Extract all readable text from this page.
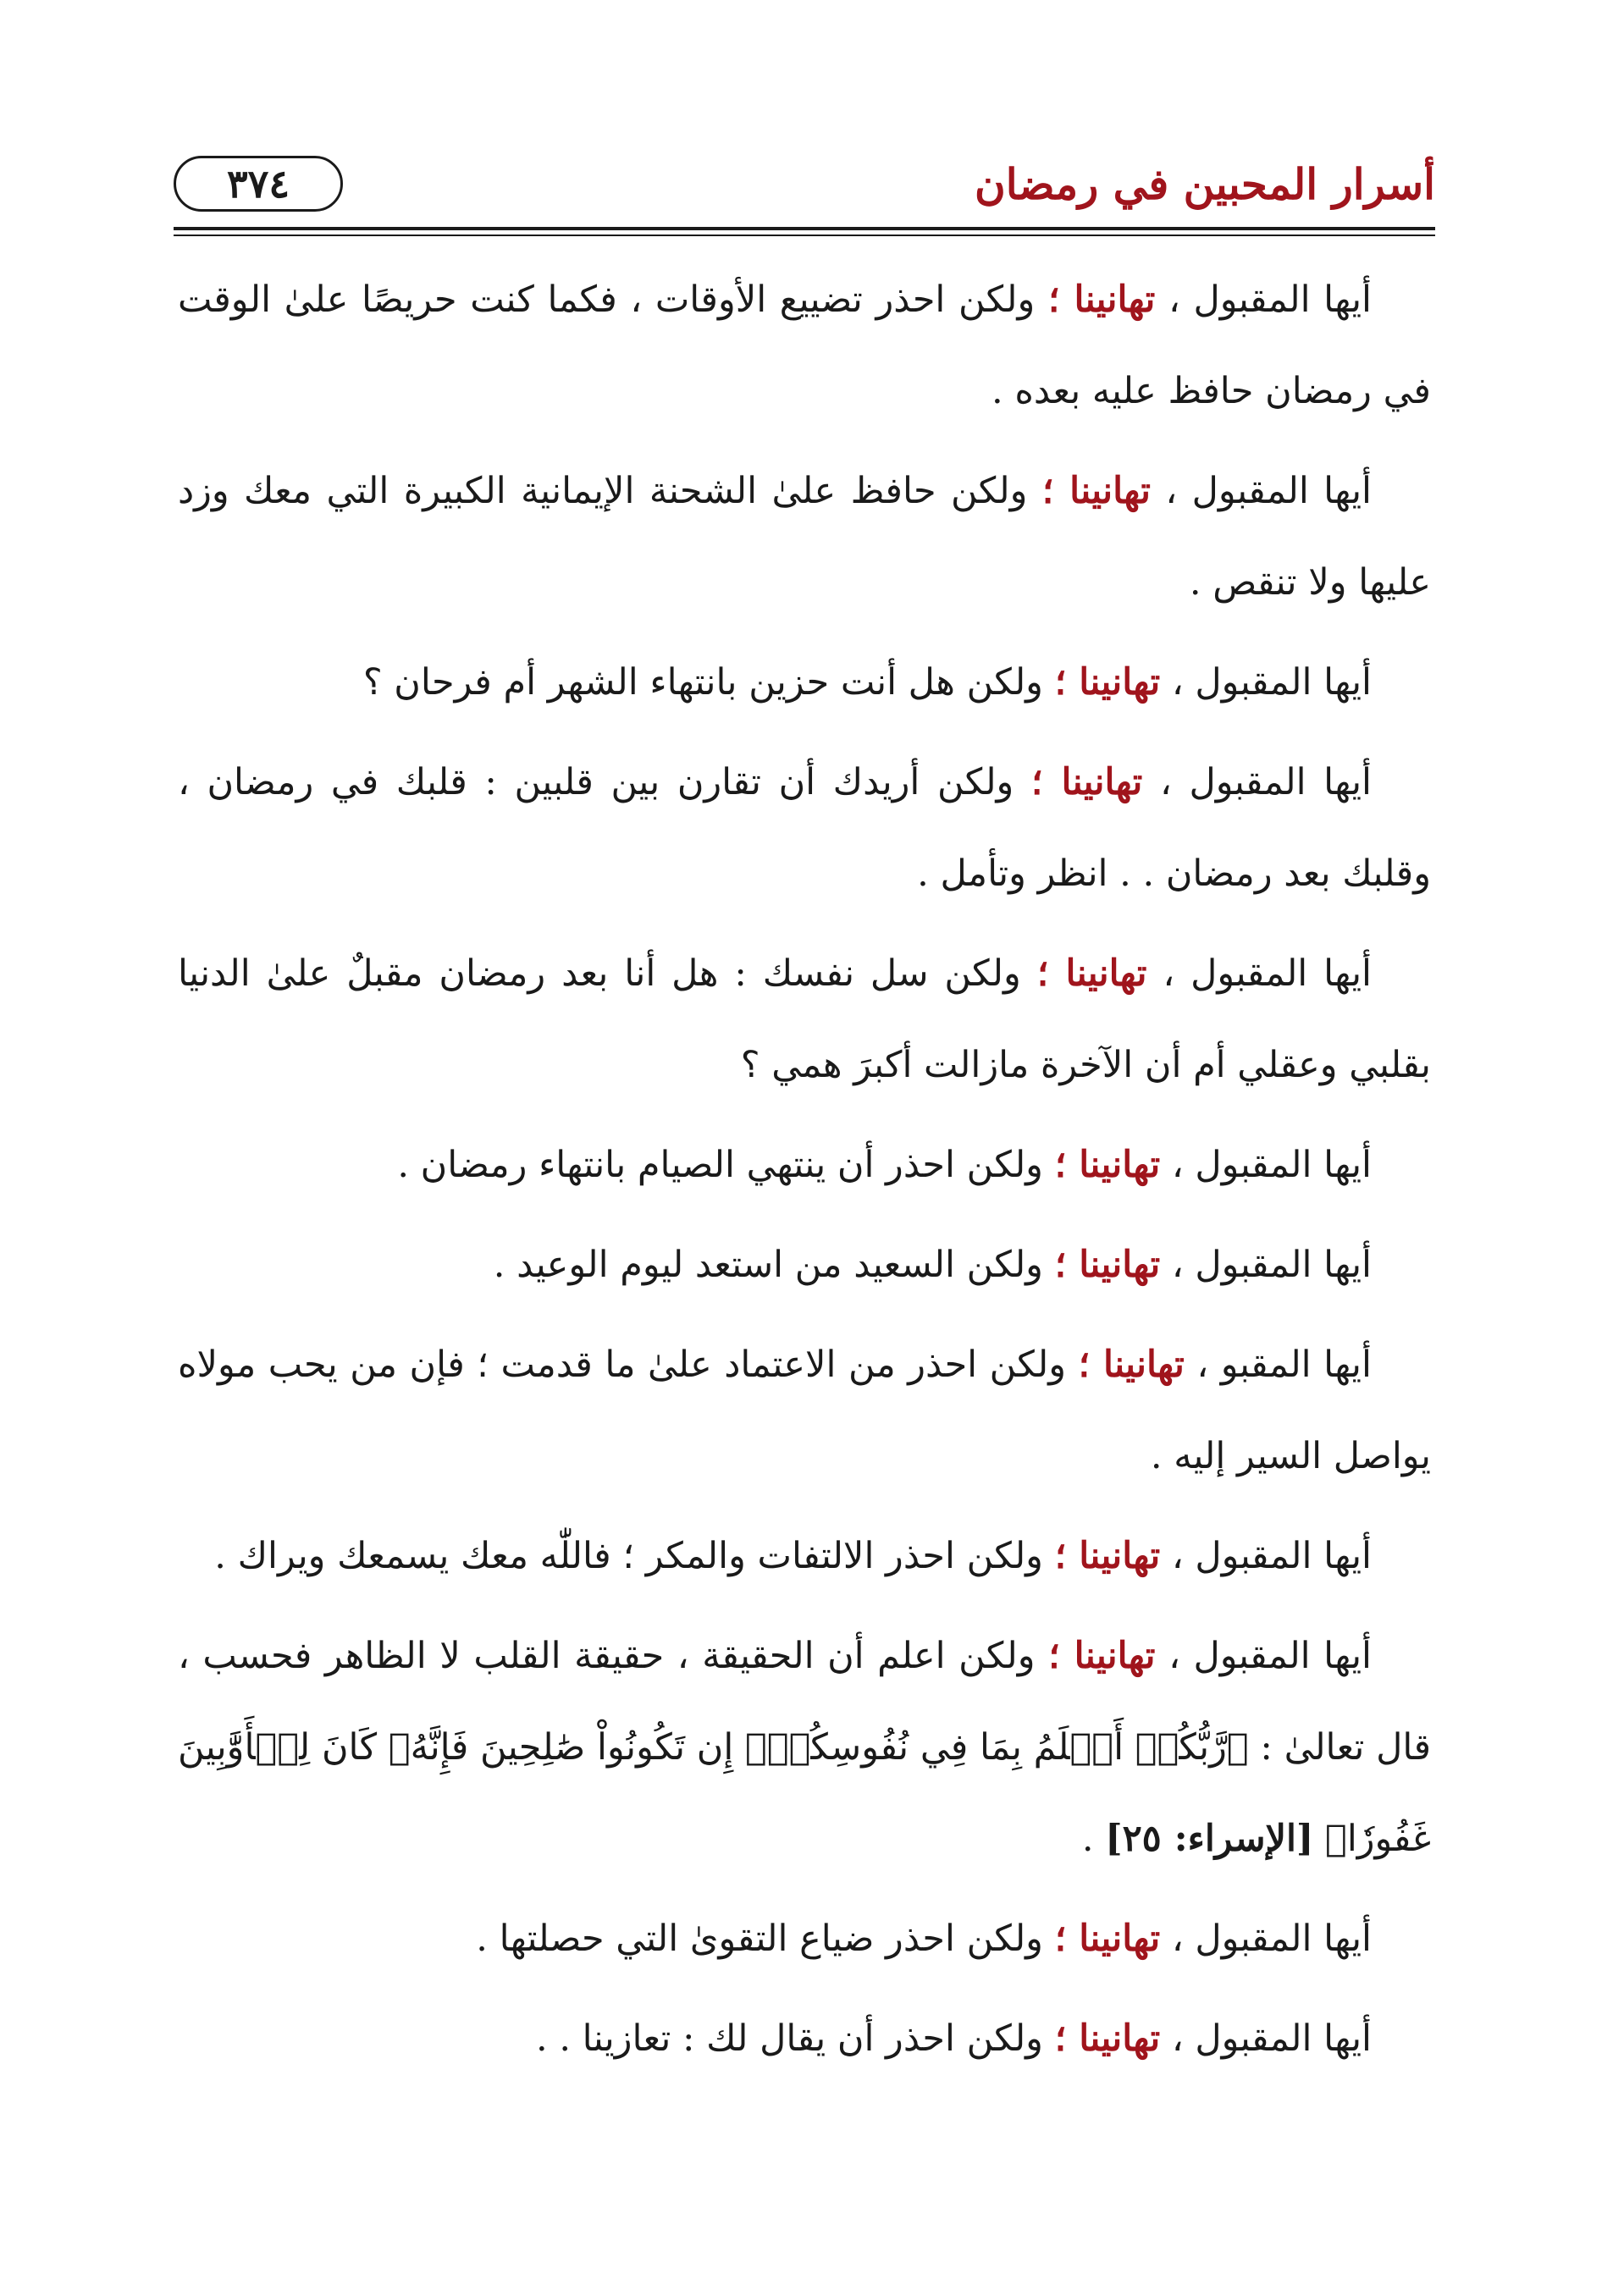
أسرار المحبين في رمضان
٣٧٤

أيها المقبول ، تهانينا ؛ ولكن احذر تضييع الأوقات ، فكما كنت حريصًا علىٰ الوقت في رمضان حافظ عليه بعده .

أيها المقبول ، تهانينا ؛ ولكن حافظ علىٰ الشحنة الإيمانية الكبيرة التي معك وزد عليها ولا تنقص .

أيها المقبول ، تهانينا ؛ ولكن هل أنت حزين بانتهاء الشهر أم فرحان ؟

أيها المقبول ، تهانينا ؛ ولكن أريدك أن تقارن بين قلبين : قلبك في رمضان ، وقلبك بعد رمضان . . انظر وتأمل .

أيها المقبول ، تهانينا ؛ ولكن سل نفسك : هل أنا بعد رمضان مقبلٌ علىٰ الدنيا بقلبي وعقلي أم أن الآخرة مازالت أكبرَ همي ؟

أيها المقبول ، تهانينا ؛ ولكن احذر أن ينتهي الصيام بانتهاء رمضان .

أيها المقبول ، تهانينا ؛ ولكن السعيد من استعد ليوم الوعيد .

أيها المقبو ، تهانينا ؛ ولكن احذر من الاعتماد علىٰ ما قدمت ؛ فإن من يحب مولاه يواصل السير إليه .

أيها المقبول ، تهانينا ؛ ولكن احذر الالتفات والمكر ؛ فاللّٰه معك يسمعك ويراك .

أيها المقبول ، تهانينا ؛ ولكن اعلم أن الحقيقة ، حقيقة القلب لا الظاهر فحسب ، قال تعالىٰ : ﴿رَّبُّكُمۡ أَعۡلَمُ بِمَا فِي نُفُوسِكُمۡۚ إِن تَكُونُواْ صَٰلِحِينَ فَإِنَّهُۥ كَانَ لِلۡأَوَّٰبِينَ غَفُورٗا﴾ [الإسراء: ٢٥] .

أيها المقبول ، تهانينا ؛ ولكن احذر ضياع التقوىٰ التي حصلتها .

أيها المقبول ، تهانينا ؛ ولكن احذر أن يقال لك : تعازينا . .
